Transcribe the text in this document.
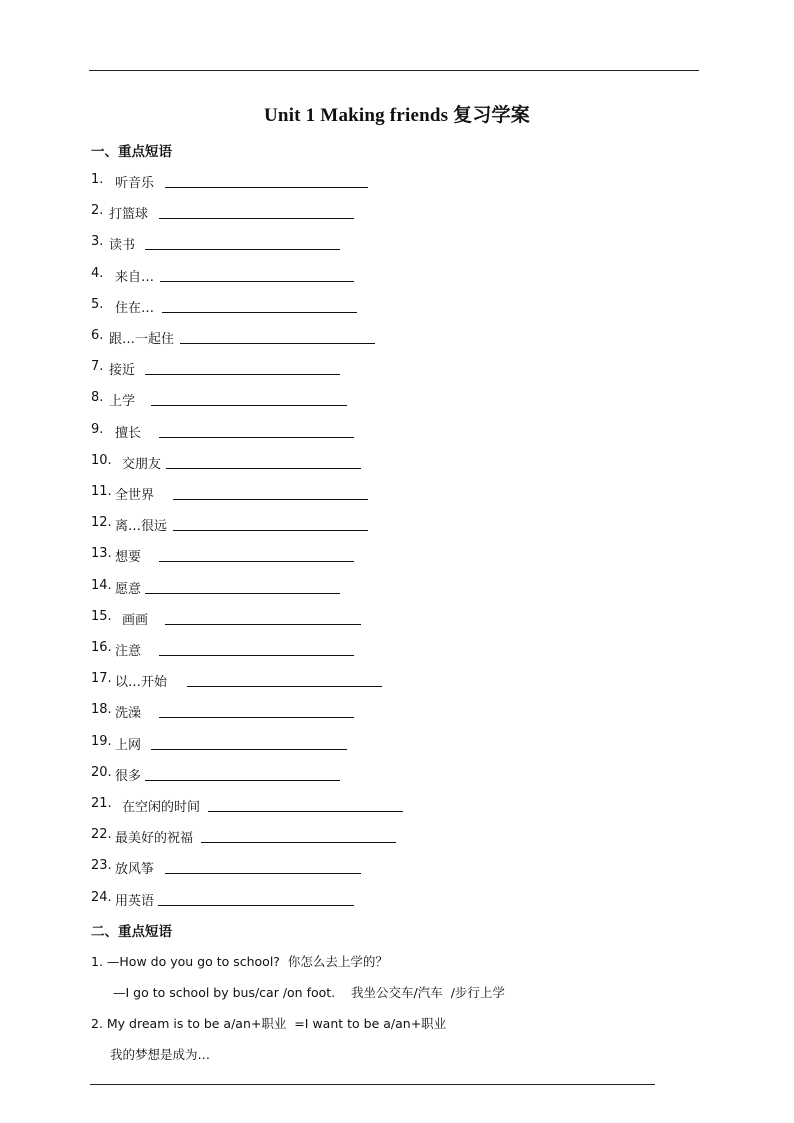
Unit 1 Making friends 复习学案
一、重点短语
1. 听音乐
2. 打篮球
3. 读书
4. 来自…
5. 住在…
6. 跟…一起住
7. 接近
8. 上学
9. 擅长
10. 交朋友
11. 全世界
12. 离…很远
13. 想要
14. 愿意
15. 画画
16. 注意
17. 以…开始
18. 洗澡
19. 上网
20. 很多
21. 在空闲的时间
22. 最美好的祝福
23. 放风筝
24. 用英语
二、重点短语
1. —How do you go to school?  你怎么去上学的？
—I go to school by bus/car /on foot.    我坐公交车/汽车  /步行上学
2. My dream is to be a/an+职业  =I want to be a/an+职业
我的梦想是成为…
